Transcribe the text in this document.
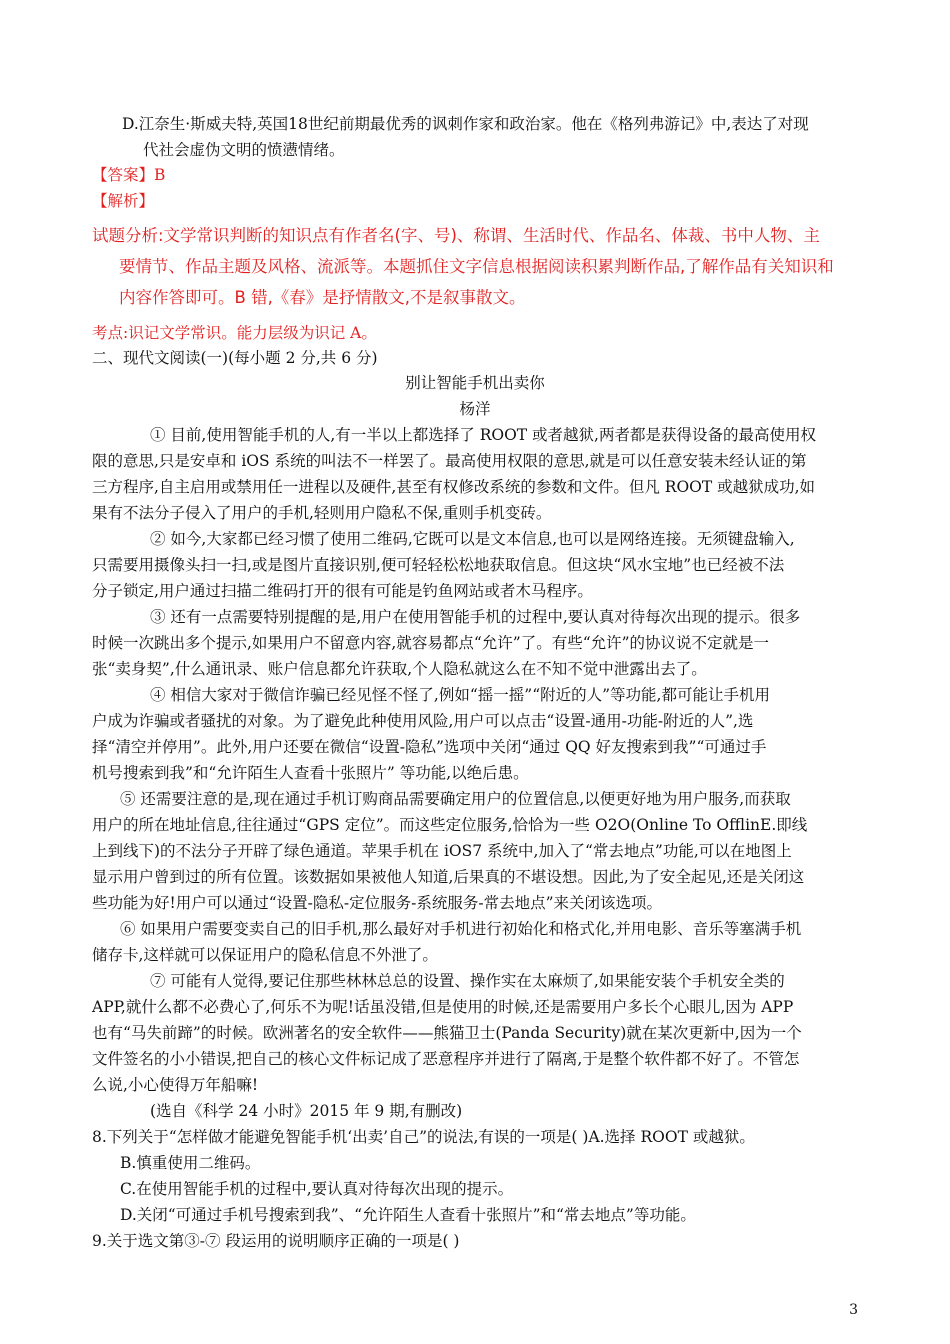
D.江奈生·斯威夫特,英国18世纪前期最优秀的讽刺作家和政治家。他在《格列弗游记》中,表达了对现
代社会虚伪文明的愤懑情绪。
【答案】B
【解析】
试题分析:文学常识判断的知识点有作者名(字、号)、称谓、生活时代、作品名、体裁、书中人物、主
要情节、作品主题及风格、流派等。本题抓住文字信息根据阅读积累判断作品,了解作品有关知识和
内容作答即可。B 错,《春》是抒情散文,不是叙事散文。
考点:识记文学常识。能力层级为识记 A。
二、现代文阅读(一)(每小题 2 分,共 6 分)
别让智能手机出卖你
杨洋
① 目前,使用智能手机的人,有一半以上都选择了 ROOT 或者越狱,两者都是获得设备的最高使用权
限的意思,只是安卓和 iOS 系统的叫法不一样罢了。最高使用权限的意思,就是可以任意安装未经认证的第
三方程序,自主启用或禁用任一进程以及硬件,甚至有权修改系统的参数和文件。但凡 ROOT 或越狱成功,如
果有不法分子侵入了用户的手机,轻则用户隐私不保,重则手机变砖。
② 如今,大家都已经习惯了使用二维码,它既可以是文本信息,也可以是网络连接。无须键盘输入,
只需要用摄像头扫一扫,或是图片直接识别,便可轻轻松松地获取信息。但这块“风水宝地”也已经被不法
分子锁定,用户通过扫描二维码打开的很有可能是钓鱼网站或者木马程序。
③ 还有一点需要特别提醒的是,用户在使用智能手机的过程中,要认真对待每次出现的提示。很多
时候一次跳出多个提示,如果用户不留意内容,就容易都点“允许”了。有些“允许”的协议说不定就是一
张“卖身契”,什么通讯录、账户信息都允许获取,个人隐私就这么在不知不觉中泄露出去了。
④ 相信大家对于微信诈骗已经见怪不怪了,例如“摇一摇”“附近的人”等功能,都可能让手机用
户成为诈骗或者骚扰的对象。为了避免此种使用风险,用户可以点击“设置-通用-功能-附近的人”,选
择“清空并停用”。此外,用户还要在微信“设置-隐私”选项中关闭“通过 QQ 好友搜索到我”“可通过手
机号搜索到我”和“允许陌生人查看十张照片” 等功能,以绝后患。
⑤ 还需要注意的是,现在通过手机订购商品需要确定用户的位置信息,以便更好地为用户服务,而获取
用户的所在地址信息,往往通过“GPS 定位”。而这些定位服务,恰恰为一些 O2O(Online To OfflinE.即线
上到线下)的不法分子开辟了绿色通道。苹果手机在 iOS7 系统中,加入了“常去地点”功能,可以在地图上
显示用户曾到过的所有位置。该数据如果被他人知道,后果真的不堪设想。因此,为了安全起见,还是关闭这
些功能为好!用户可以通过“设置-隐私-定位服务-系统服务-常去地点”来关闭该选项。
⑥ 如果用户需要变卖自己的旧手机,那么最好对手机进行初始化和格式化,并用电影、音乐等塞满手机
储存卡,这样就可以保证用户的隐私信息不外泄了。
⑦ 可能有人觉得,要记住那些林林总总的设置、操作实在太麻烦了,如果能安装个手机安全类的
APP,就什么都不必费心了,何乐不为呢!话虽没错,但是使用的时候,还是需要用户多长个心眼儿,因为 APP
也有“马失前蹄”的时候。欧洲著名的安全软件——熊猫卫士(Panda Security)就在某次更新中,因为一个
文件签名的小小错误,把自己的核心文件标记成了恶意程序并进行了隔离,于是整个软件都不好了。不管怎
么说,小心使得万年船嘛!
(选自《科学 24 小时》2015 年 9 期,有删改)
8.下列关于“怎样做才能避免智能手机‘出卖’自己”的说法,有误的一项是( )A.选择 ROOT 或越狱。
B.慎重使用二维码。
C.在使用智能手机的过程中,要认真对待每次出现的提示。
D.关闭“可通过手机号搜索到我”、“允许陌生人查看十张照片”和“常去地点”等功能。
9.关于选文第③-⑦ 段运用的说明顺序正确的一项是( )
3
